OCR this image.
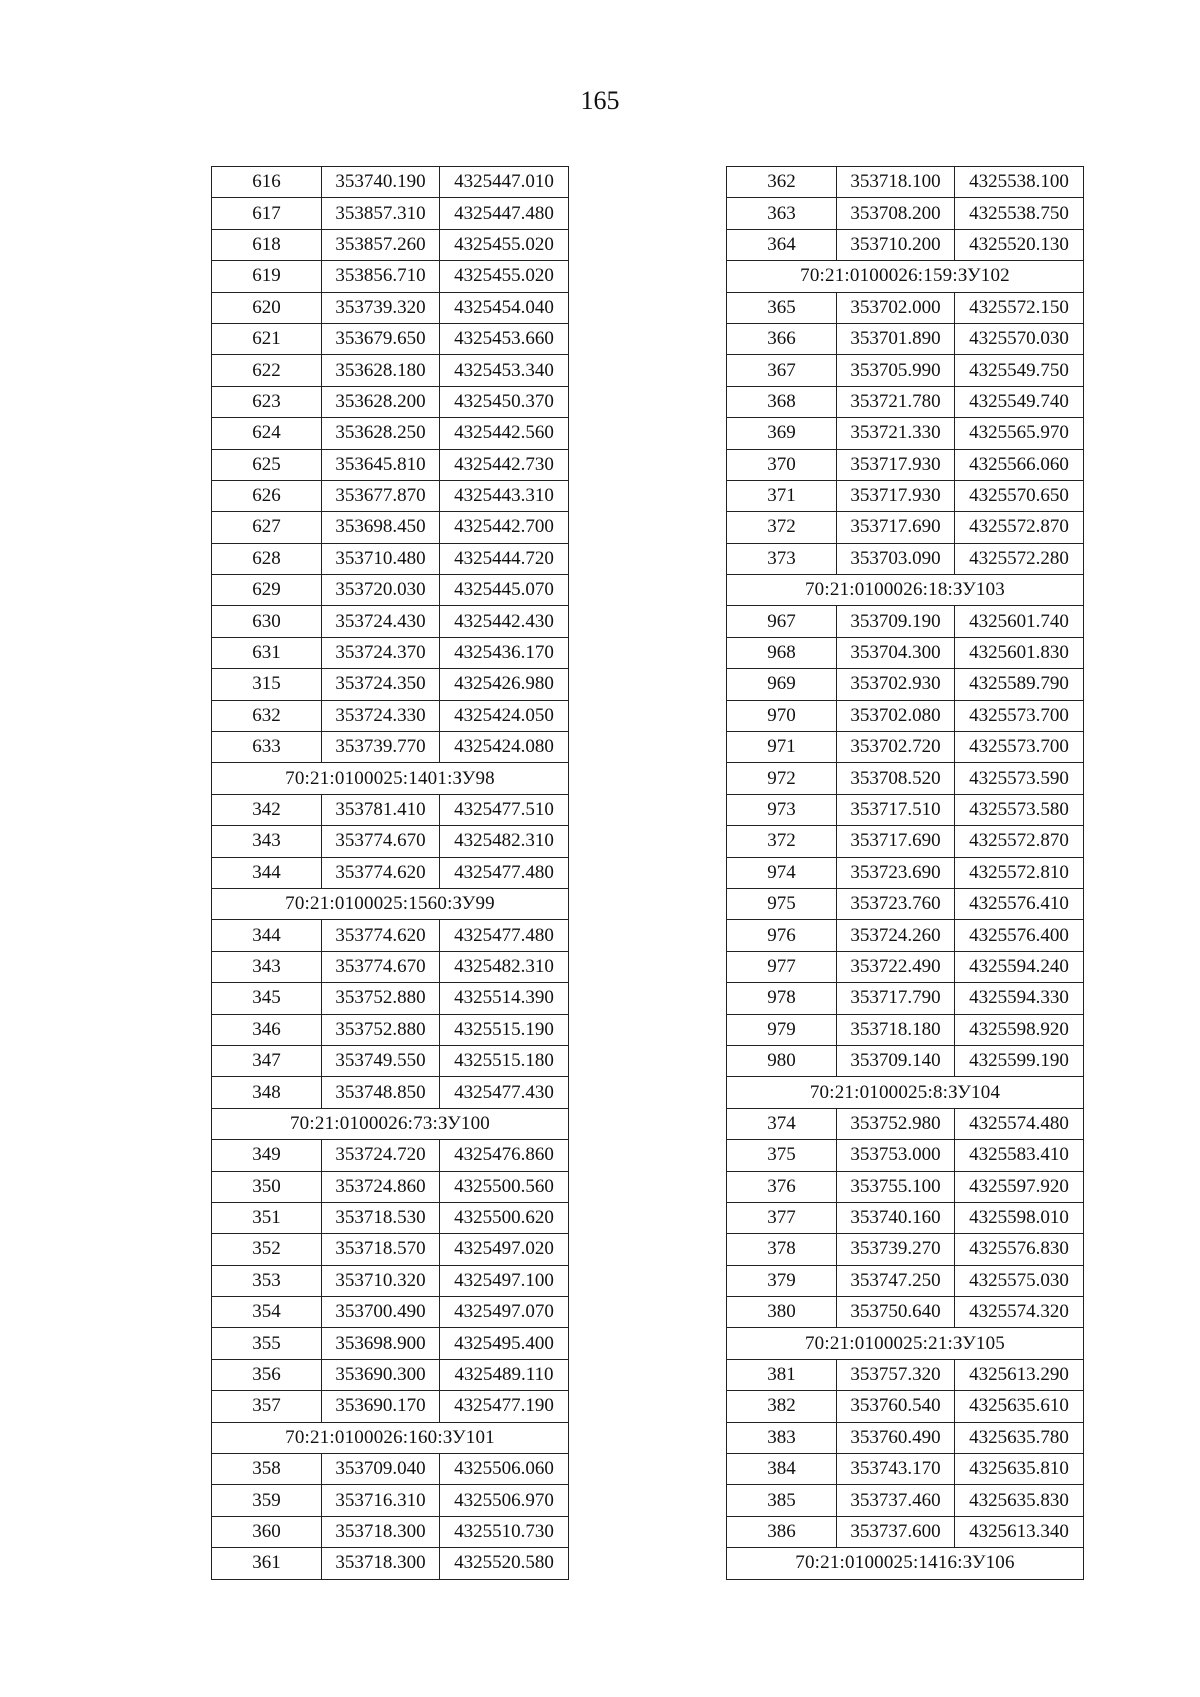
165
616	353740.190	4325447.010
617	353857.310	4325447.480
618	353857.260	4325455.020
619	353856.710	4325455.020
620	353739.320	4325454.040
621	353679.650	4325453.660
622	353628.180	4325453.340
623	353628.200	4325450.370
624	353628.250	4325442.560
625	353645.810	4325442.730
626	353677.870	4325443.310
627	353698.450	4325442.700
628	353710.480	4325444.720
629	353720.030	4325445.070
630	353724.430	4325442.430
631	353724.370	4325436.170
315	353724.350	4325426.980
632	353724.330	4325424.050
633	353739.770	4325424.080
70:21:0100025:1401:ЗУ98		
342	353781.410	4325477.510
343	353774.670	4325482.310
344	353774.620	4325477.480
70:21:0100025:1560:ЗУ99		
344	353774.620	4325477.480
343	353774.670	4325482.310
345	353752.880	4325514.390
346	353752.880	4325515.190
347	353749.550	4325515.180
348	353748.850	4325477.430
70:21:0100026:73:ЗУ100		
349	353724.720	4325476.860
350	353724.860	4325500.560
351	353718.530	4325500.620
352	353718.570	4325497.020
353	353710.320	4325497.100
354	353700.490	4325497.070
355	353698.900	4325495.400
356	353690.300	4325489.110
357	353690.170	4325477.190
70:21:0100026:160:ЗУ101		
358	353709.040	4325506.060
359	353716.310	4325506.970
360	353718.300	4325510.730
361	353718.300	4325520.580
362	353718.100	4325538.100
363	353708.200	4325538.750
364	353710.200	4325520.130
70:21:0100026:159:ЗУ102		
365	353702.000	4325572.150
366	353701.890	4325570.030
367	353705.990	4325549.750
368	353721.780	4325549.740
369	353721.330	4325565.970
370	353717.930	4325566.060
371	353717.930	4325570.650
372	353717.690	4325572.870
373	353703.090	4325572.280
70:21:0100026:18:ЗУ103		
967	353709.190	4325601.740
968	353704.300	4325601.830
969	353702.930	4325589.790
970	353702.080	4325573.700
971	353702.720	4325573.700
972	353708.520	4325573.590
973	353717.510	4325573.580
372	353717.690	4325572.870
974	353723.690	4325572.810
975	353723.760	4325576.410
976	353724.260	4325576.400
977	353722.490	4325594.240
978	353717.790	4325594.330
979	353718.180	4325598.920
980	353709.140	4325599.190
70:21:0100025:8:ЗУ104		
374	353752.980	4325574.480
375	353753.000	4325583.410
376	353755.100	4325597.920
377	353740.160	4325598.010
378	353739.270	4325576.830
379	353747.250	4325575.030
380	353750.640	4325574.320
70:21:0100025:21:ЗУ105		
381	353757.320	4325613.290
382	353760.540	4325635.610
383	353760.490	4325635.780
384	353743.170	4325635.810
385	353737.460	4325635.830
386	353737.600	4325613.340
70:21:0100025:1416:ЗУ106		
